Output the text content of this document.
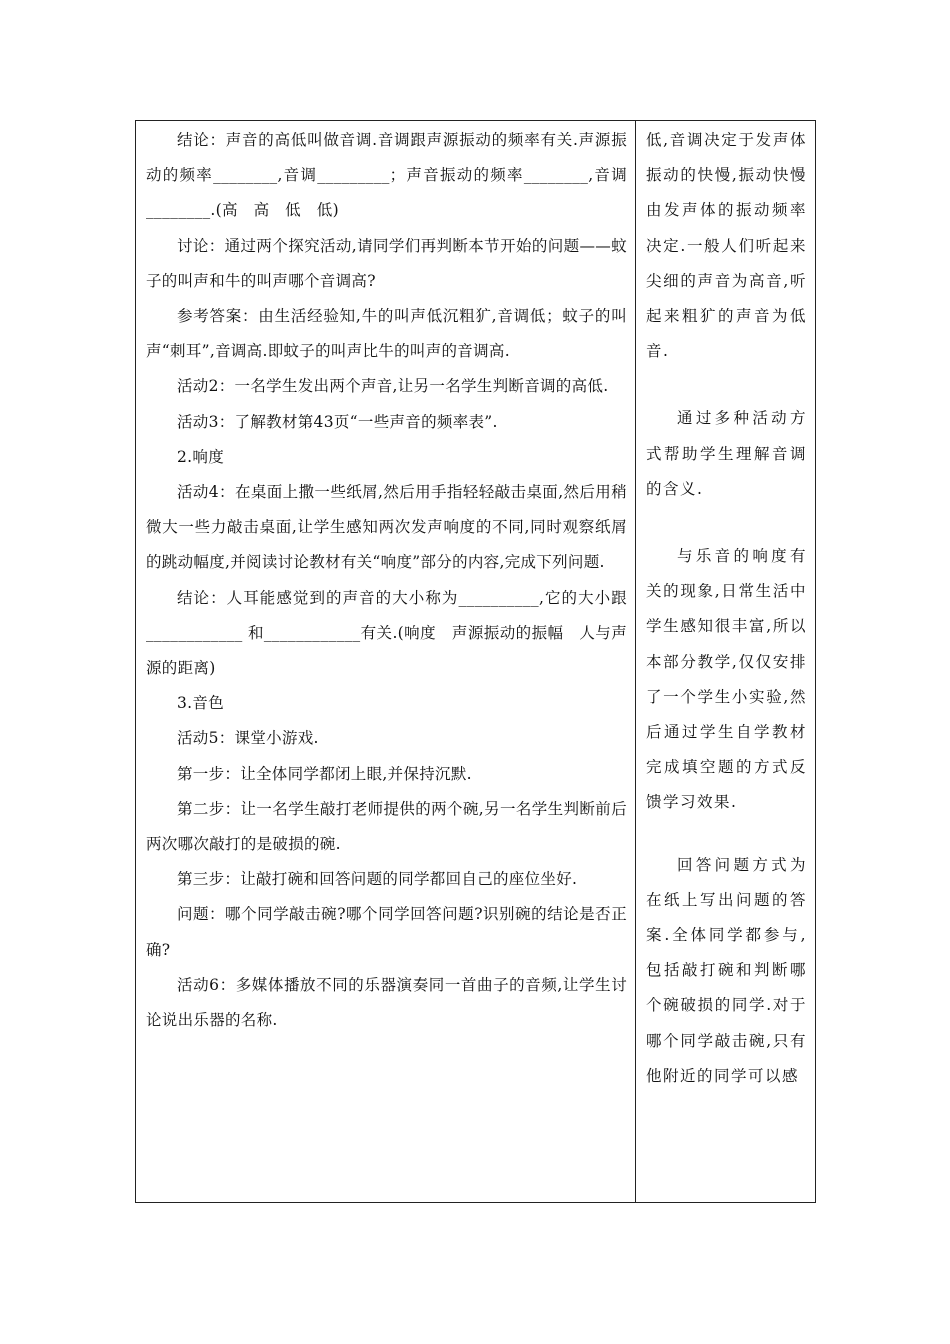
结论：声音的高低叫做音调.音调跟声源振动的频率有关.声源振动的频率________,音调_________；声音振动的频率________,音调________.(高　高　低　低)

讨论：通过两个探究活动,请同学们再判断本节开始的问题——蚊子的叫声和牛的叫声哪个音调高?

参考答案：由生活经验知,牛的叫声低沉粗犷,音调低；蚊子的叫声“刺耳”,音调高.即蚊子的叫声比牛的叫声的音调高.

活动2：一名学生发出两个声音,让另一名学生判断音调的高低.

活动3：了解教材第43页“一些声音的频率表”.

2.响度

活动4：在桌面上撒一些纸屑,然后用手指轻轻敲击桌面,然后用稍微大一些力敲击桌面,让学生感知两次发声响度的不同,同时观察纸屑的跳动幅度,并阅读讨论教材有关“响度”部分的内容,完成下列问题.

结论：人耳能感觉到的声音的大小称为__________,它的大小跟 ____________ 和____________有关.(响度　声源振动的振幅　人与声源的距离)

3.音色

活动5：课堂小游戏.

第一步：让全体同学都闭上眼,并保持沉默.

第二步：让一名学生敲打老师提供的两个碗,另一名学生判断前后两次哪次敲打的是破损的碗.

第三步：让敲打碗和回答问题的同学都回自己的座位坐好.

问题：哪个同学敲击碗?哪个同学回答问题?识别碗的结论是否正确?

活动6：多媒体播放不同的乐器演奏同一首曲子的音频,让学生讨论说出乐器的名称.

低,音调决定于发声体振动的快慢,振动快慢由发声体的振动频率决定.一般人们听起来尖细的声音为高音,听起来粗犷的声音为低音.

通过多种活动方式帮助学生理解音调的含义.

与乐音的响度有关的现象,日常生活中学生感知很丰富,所以本部分教学,仅仅安排了一个学生小实验,然后通过学生自学教材完成填空题的方式反馈学习效果.

回答问题方式为在纸上写出问题的答案.全体同学都参与,包括敲打碗和判断哪个碗破损的同学.对于哪个同学敲击碗,只有他附近的同学可以感
